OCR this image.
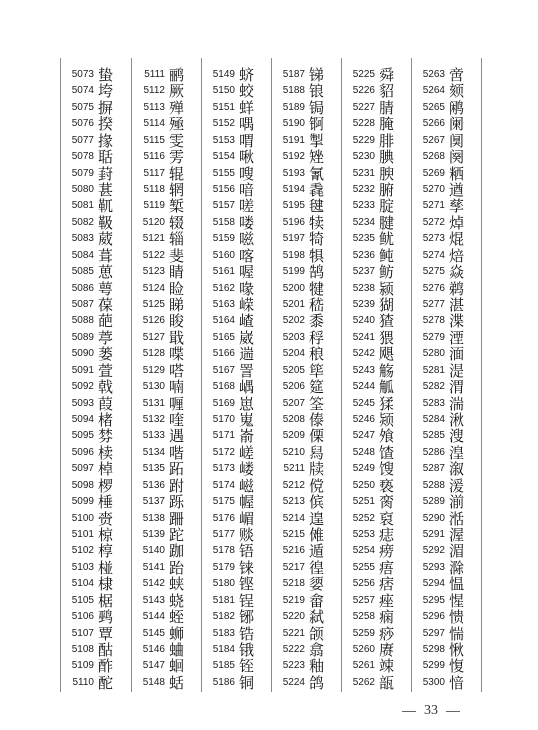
5073 蛰
5074 垮
5075 摒
5076 揆
5077 掾
5078 聒
5079 葑
5080 葚
5081 靰
5082 靸
5083 葳
5084 葺
5085 葸
5086 萼
5087 葆
5088 葩
5089 葶
5090 蒌
5091 萱
5092 戟
5093 葭
5094 楮
5095 棼
5096 椟
5097 棹
5098 椤
5099 棰
5100 赍
5101 椋
5102 椁
5103 椪
5104 棣
5105 椐
5106 鹀
5107 覃
5108 酤
5109 酢
5110 酡
5111 鹂
5112 厥
5113 殚
5114 殛
5115 雯
5116 雱
5117 辊
5118 辋
5119 椠
5120 辍
5121 辎
5122 斐
5123 睛
5124 睑
5125 睇
5126 睃
5127 戢
5128 喋
5129 嗒
5130 喃
5131 喱
5132 喹
5133 遇
5134 喈
5135 跖
5136 跗
5137 跞
5138 跚
5139 跎
5140 跏
5141 跆
5142 蛱
5143 蛲
5144 蛭
5145 蛳
5146 蛐
5147 蛔
5148 蛞
5149 蛴
5150 蛟
5151 蛘
5152 喁
5153 喟
5154 啾
5155 嗖
5156 喑
5157 嗟
5158 喽
5159 嗞
5160 喀
5161 喔
5162 喙
5163 嵘
5164 嵖
5165 崴
5166 遄
5167 詈
5168 嵎
5169 崽
5170 嵬
5171 嵛
5172 嵯
5173 嵝
5174 嵫
5175 幄
5176 嵋
5177 赕
5178 铻
5179 铼
5180 铿
5181 锃
5182 铘
5183 锆
5184 锇
5185 铚
5186 铜
5187 锑
5188 锒
5189 锔
5190 锕
5191 掣
5192 矬
5193 氰
5194 毳
5195 毽
5196 犊
5197 犄
5198 犋
5199 鹄
5200 犍
5201 嵇
5202 黍
5203 稃
5204 稂
5205 筚
5206 筵
5207 筌
5208 傣
5209 傈
5210 舄
5211 牍
5212 傥
5213 傧
5214 遑
5215 傩
5216 遁
5217 徨
5218 媭
5219 畲
5220 弑
5221 颌
5222 翕
5223 釉
5224 鸽
5225 舜
5226 貂
5227 腈
5228 腌
5229 腓
5230 腆
5231 腴
5232 腑
5233 腚
5234 腱
5235 鱿
5236 鲀
5237 鲂
5238 颍
5239 猢
5240 猹
5241 猥
5242 飓
5243 觞
5244 觚
5245 猱
5246 颎
5247 飧
5248 馇
5249 馊
5250 亵
5251 脔
5252 裒
5253 痣
5254 痨
5255 痦
5256 痞
5257 痤
5258 痫
5259 痧
5260 赓
5261 竦
5262 瓿
5263 啻
5264 颏
5265 鹇
5266 阑
5267 阒
5268 阕
5269 粞
5270 遒
5271 孳
5272 焯
5273 焜
5274 焙
5275 焱
5276 鹈
5277 湛
5278 渫
5279 湮
5280 湎
5281 湜
5282 渭
5283 湍
5284 湫
5285 溲
5286 湟
5287 溆
5288 湲
5289 湔
5290 湉
5291 渥
5292 湄
5293 滁
5294 愠
5295 惺
5296 愦
5297 惴
5298 愀
5299 愎
5300 愔
33
